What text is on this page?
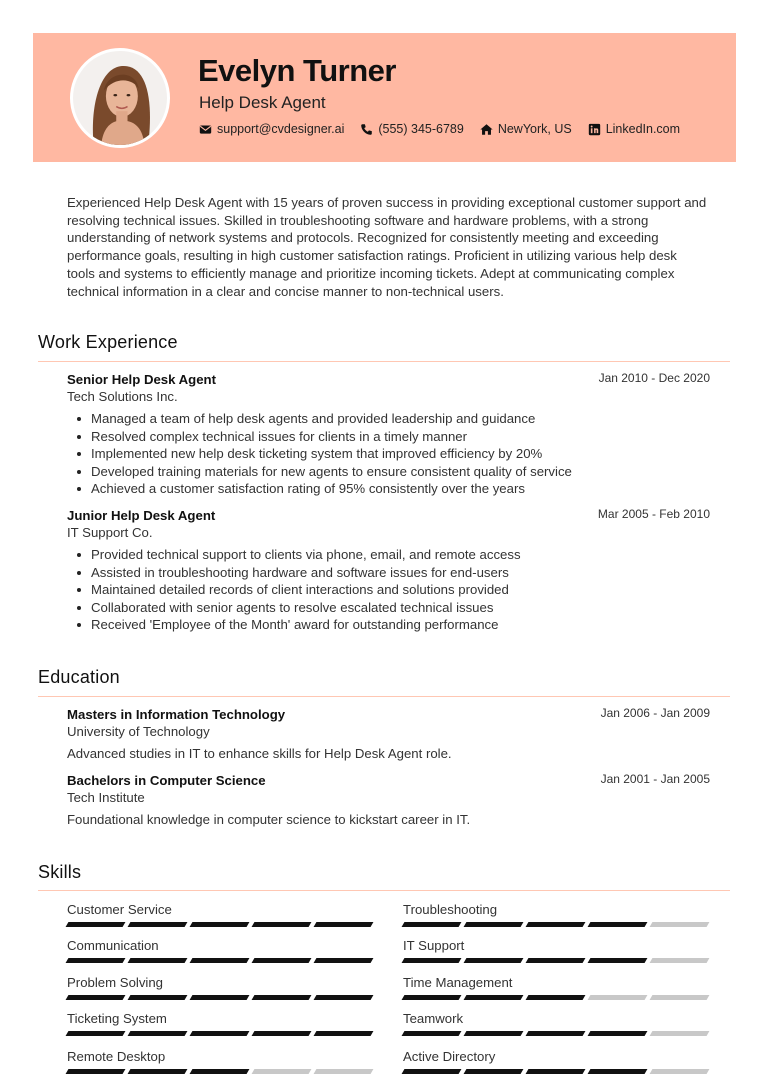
Evelyn Turner
Help Desk Agent
support@cvdesigner.ai	(555) 345-6789	NewYork, US	LinkedIn.com

Experienced Help Desk Agent with 15 years of proven success in providing exceptional customer support and resolving technical issues. Skilled in troubleshooting software and hardware problems, with a strong understanding of network systems and protocols. Recognized for consistently meeting and exceeding performance goals, resulting in high customer satisfaction ratings. Proficient in utilizing various help desk tools and systems to efficiently manage and prioritize incoming tickets. Adept at communicating complex technical information in a clear and concise manner to non-technical users.

Work Experience
Senior Help Desk Agent	Jan 2010 - Dec 2020
Tech Solutions Inc.
Managed a team of help desk agents and provided leadership and guidance
Resolved complex technical issues for clients in a timely manner
Implemented new help desk ticketing system that improved efficiency by 20%
Developed training materials for new agents to ensure consistent quality of service
Achieved a customer satisfaction rating of 95% consistently over the years
Junior Help Desk Agent	Mar 2005 - Feb 2010
IT Support Co.
Provided technical support to clients via phone, email, and remote access
Assisted in troubleshooting hardware and software issues for end-users
Maintained detailed records of client interactions and solutions provided
Collaborated with senior agents to resolve escalated technical issues
Received 'Employee of the Month' award for outstanding performance
Education
Masters in Information Technology	Jan 2006 - Jan 2009
University of Technology
Advanced studies in IT to enhance skills for Help Desk Agent role.
Bachelors in Computer Science	Jan 2001 - Jan 2005
Tech Institute
Foundational knowledge in computer science to kickstart career in IT.
Skills
Customer Service	Troubleshooting
Communication	IT Support
Problem Solving	Time Management
Ticketing System	Teamwork
Remote Desktop	Active Directory
